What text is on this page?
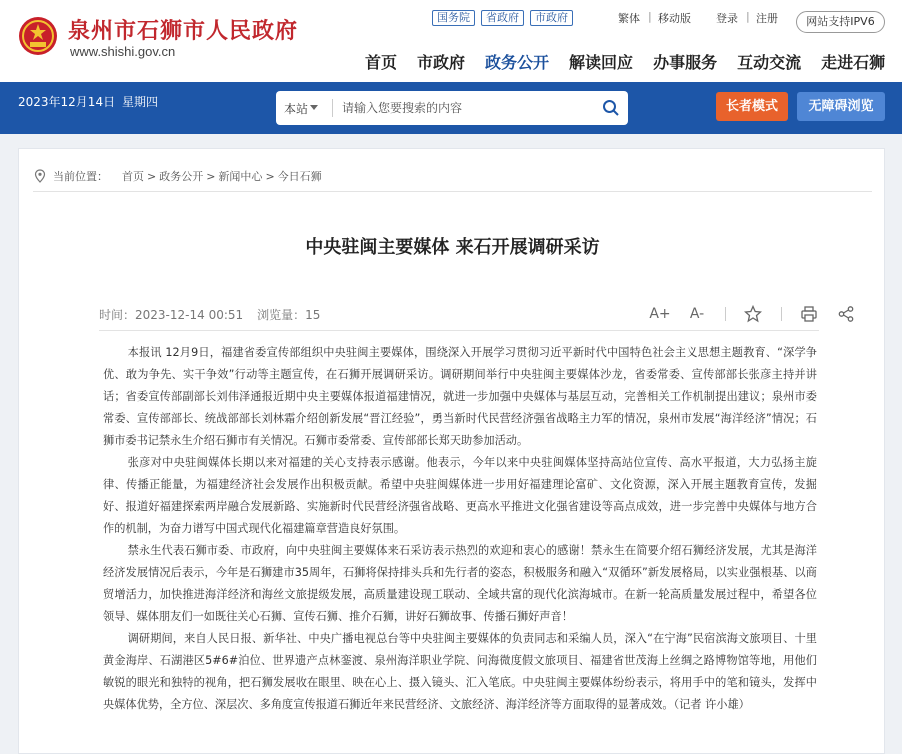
泉州市石狮市人民政府
www.shishi.gov.cn
国务院	省政府	市政府	繁体 | 移动版 登录 | 注册	网站支持IPV6
首页 市政府 政务公开 解读回应 办事服务 互动交流 走进石狮
2023年12月14日 星期四	本站
请输入您要搜索的内容	长者模式	无障碍浏览
当前位置： 首页 > 政务公开 > 新闻中心 > 今日石狮
中央驻闽主要媒体 来石开展调研采访
时间：2023-12-14 00:51 浏览量：15	A+ A-

本报讯 12月9日，福建省委宣传部组织中央驻闽主要媒体，围绕深入开展学习贯彻习近平新时代中国特色社会主义思想主题教育、“深学争优、敢为争先、实干争效”行动等主题宣传，在石狮开展调研采访。调研期间举行中央驻闽主要媒体沙龙，省委常委、宣传部部长张彦主持并讲话；省委宣传部副部长刘伟泽通报近期中央主要媒体报道福建情况，就进一步加强中央媒体与基层互动，完善相关工作机制提出建议；泉州市委常委、宣传部部长、统战部部长刘林霜介绍创新发展“晋江经验”，勇当新时代民营经济强省战略主力军的情况，泉州市发展“海洋经济”情况；石狮市委书记禁永生介绍石狮市有关情况。石狮市委常委、宣传部部长郑天助参加活动。

张彦对中央驻闽媒体长期以来对福建的关心支持表示感谢。他表示，今年以来中央驻闽媒体坚持高站位宣传、高水平报道，大力弘扬主旋律、传播正能量，为福建经济社会发展作出积极贡献。希望中央驻闽媒体进一步用好福建理论富矿、文化资源，深入开展主题教育宣传，发掘好、报道好福建探索两岸融合发展新路、实施新时代民营经济强省战略、更高水平推进文化强省建设等高点成效，进一步完善中央媒体与地方合作的机制，为奋力谱写中国式现代化福建篇章营造良好氛围。

禁永生代表石狮市委、市政府，向中央驻闽主要媒体来石采访表示热烈的欢迎和衷心的感谢！禁永生在简要介绍石狮经济发展，尤其是海洋经济发展情况后表示，今年是石狮建市35周年，石狮将保持排头兵和先行者的姿态，积极服务和融入“双循环”新发展格局，以实业强根基、以商贸增活力，加快推进海洋经济和海丝文旅提级发展，高质量建设现工联动、全域共富的现代化滨海城市。在新一轮高质量发展过程中，希望各位领导、媒体朋友们一如既往关心石狮、宣传石狮、推介石狮，讲好石狮故事、传播石狮好声音！

调研期间，来自人民日报、新华社、中央广播电视总台等中央驻闽主要媒体的负责同志和采编人员，深入“在宁海”民宿滨海文旅项目、十里黄金海岸、石湖港区5#6#泊位、世界遗产点林銮渡、泉州海洋职业学院、问海微度假文旅项目、福建省世茂海上丝绸之路博物馆等地，用他们敏锐的眼光和独特的视角，把石狮发展收在眼里、映在心上、摄入镜头、汇入笔底。中央驻闽主要媒体纷纷表示，将用手中的笔和镜头，发挥中央媒体优势，全方位、深层次、多角度宣传报道石狮近年来民营经济、文旅经济、海洋经济等方面取得的显著成效。（记者 许小雄）
